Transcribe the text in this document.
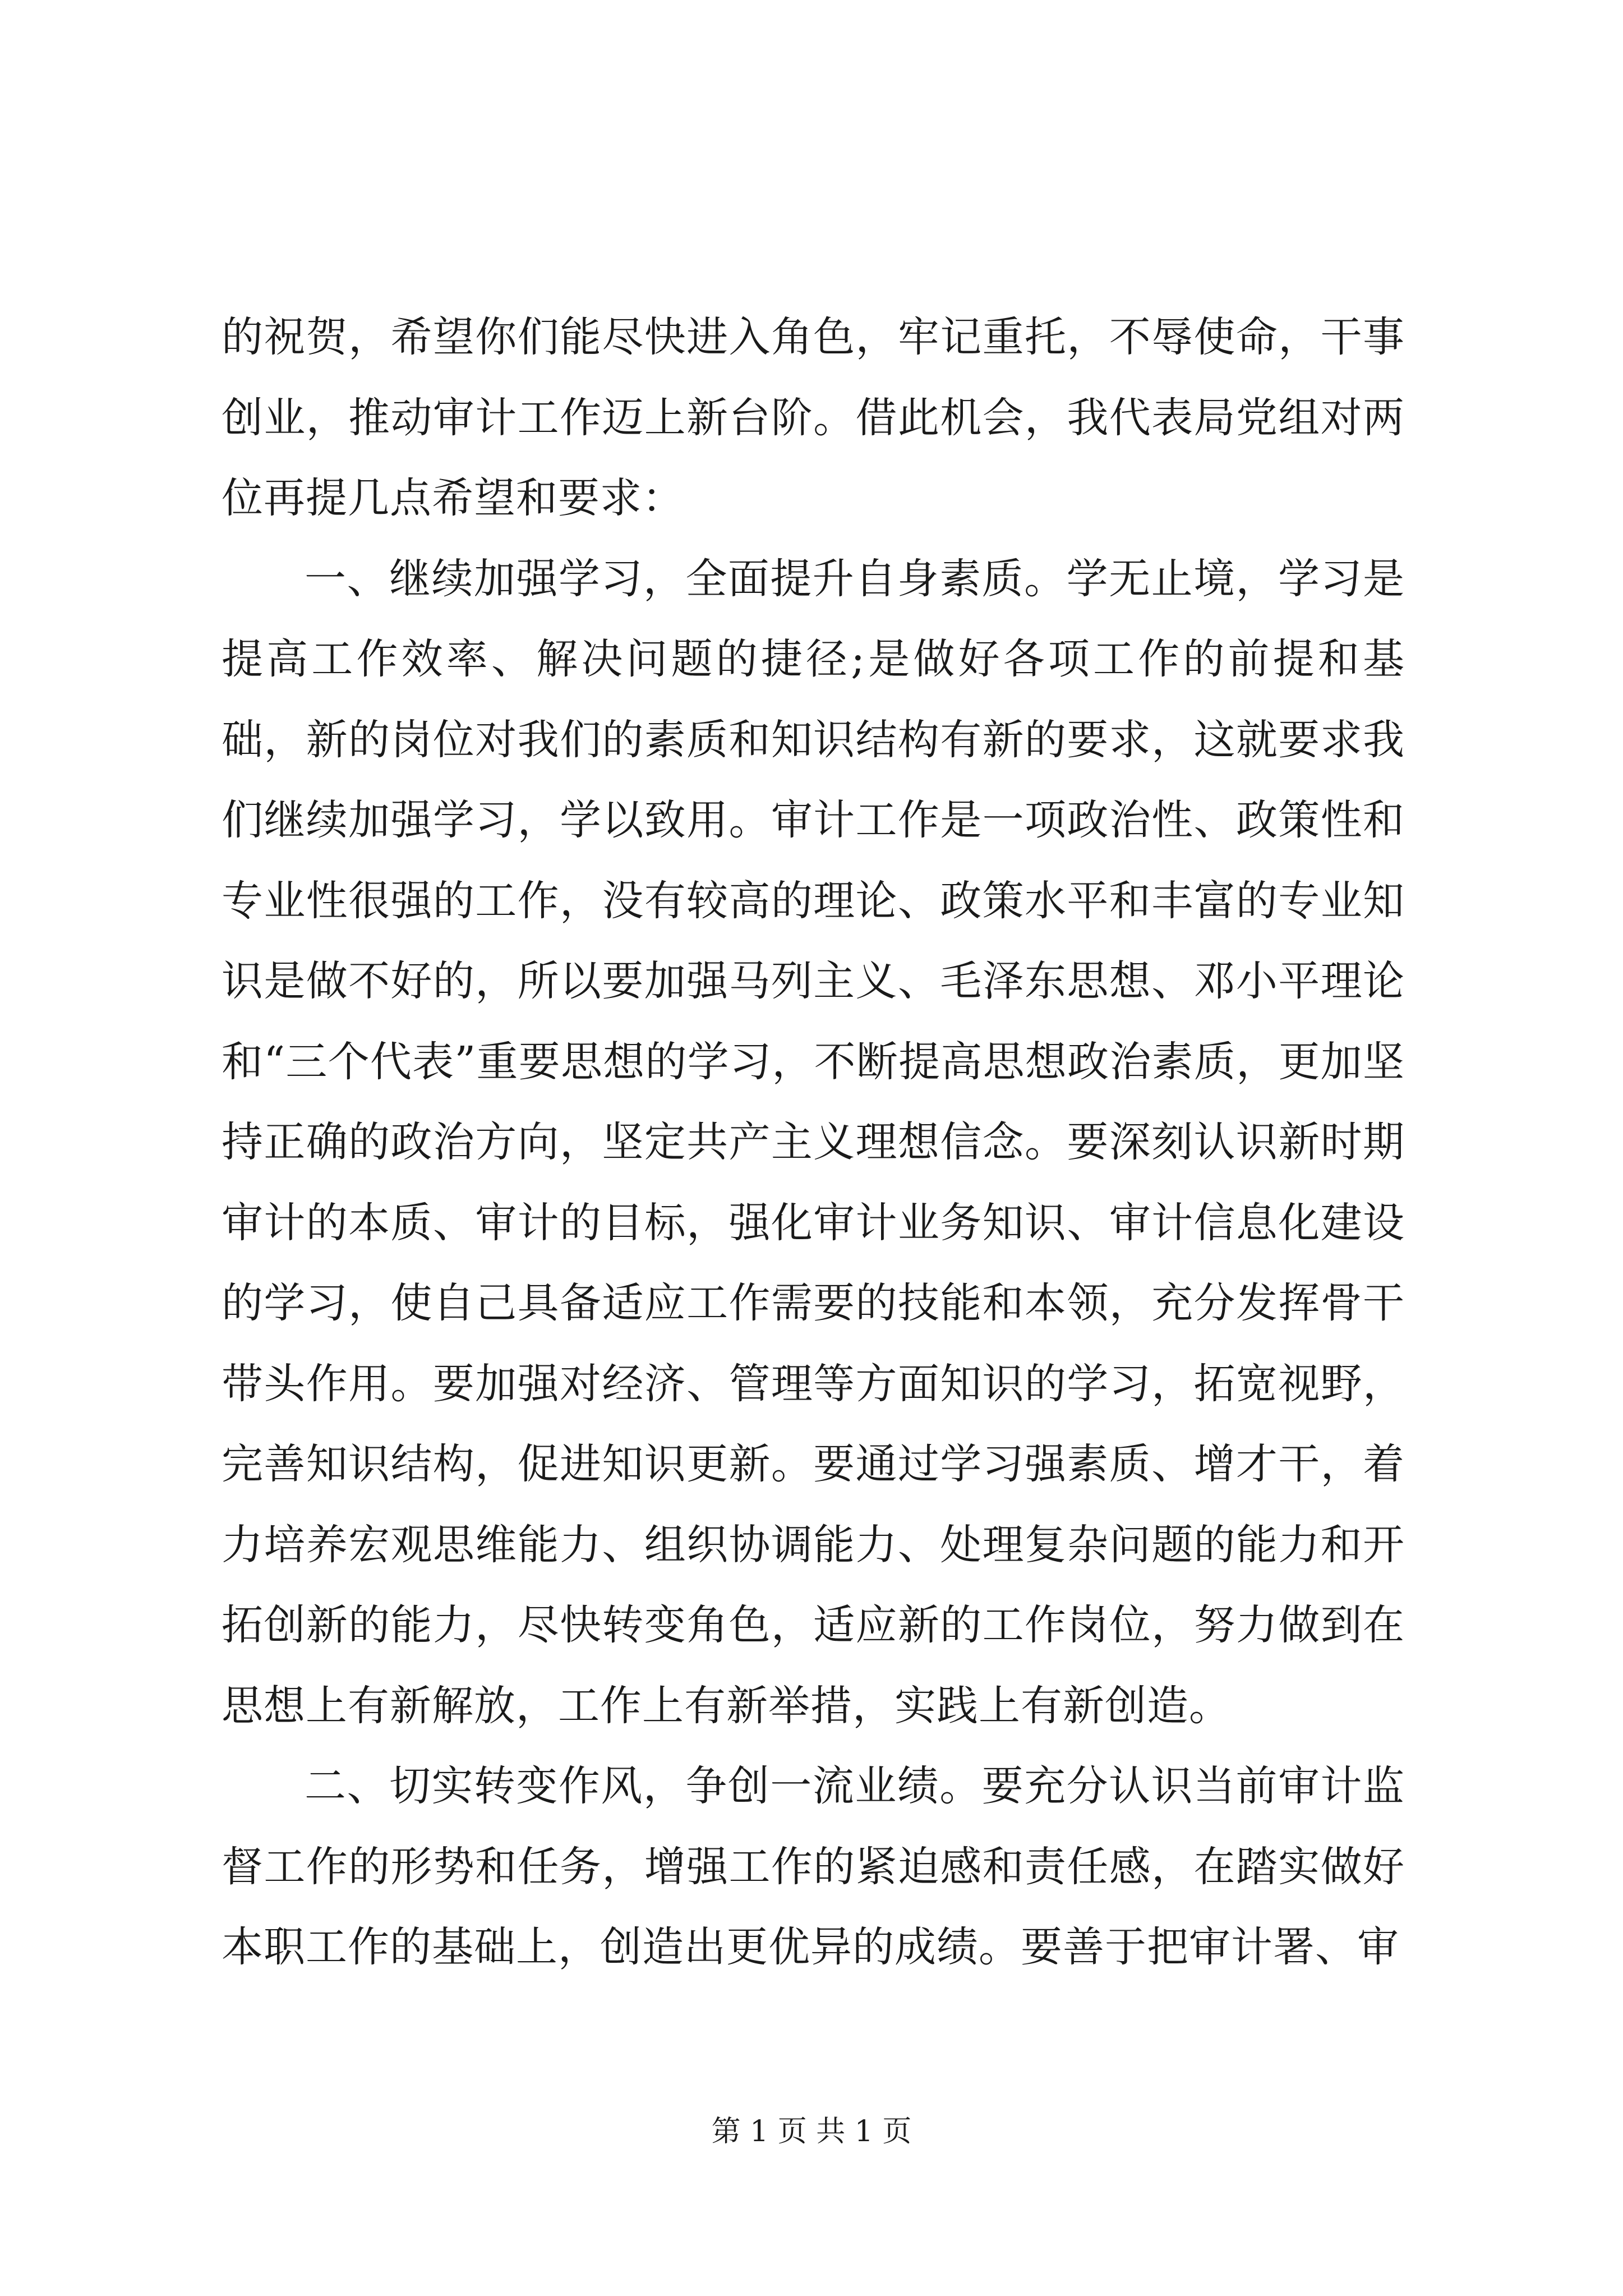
的祝贺，希望你们能尽快进入角色，牢记重托，不辱使命，干事创业，推动审计工作迈上新台阶。借此机会，我代表局党组对两位再提几点希望和要求：

一、继续加强学习，全面提升自身素质。学无止境，学习是提高工作效率、解决问题的捷径;是做好各项工作的前提和基础，新的岗位对我们的素质和知识结构有新的要求，这就要求我们继续加强学习，学以致用。审计工作是一项政治性、政策性和专业性很强的工作，没有较高的理论、政策水平和丰富的专业知识是做不好的，所以要加强马列主义、毛泽东思想、邓小平理论和“三个代表”重要思想的学习，不断提高思想政治素质，更加坚持正确的政治方向，坚定共产主义理想信念。要深刻认识新时期审计的本质、审计的目标，强化审计业务知识、审计信息化建设的学习，使自己具备适应工作需要的技能和本领，充分发挥骨干带头作用。要加强对经济、管理等方面知识的学习，拓宽视野，完善知识结构，促进知识更新。要通过学习强素质、增才干，着力培养宏观思维能力、组织协调能力、处理复杂问题的能力和开拓创新的能力，尽快转变角色，适应新的工作岗位，努力做到在思想上有新解放，工作上有新举措，实践上有新创造。

二、切实转变作风，争创一流业绩。要充分认识当前审计监督工作的形势和任务，增强工作的紧迫感和责任感，在踏实做好本职工作的基础上，创造出更优异的成绩。要善于把审计署、审

第 1 页 共 1 页
